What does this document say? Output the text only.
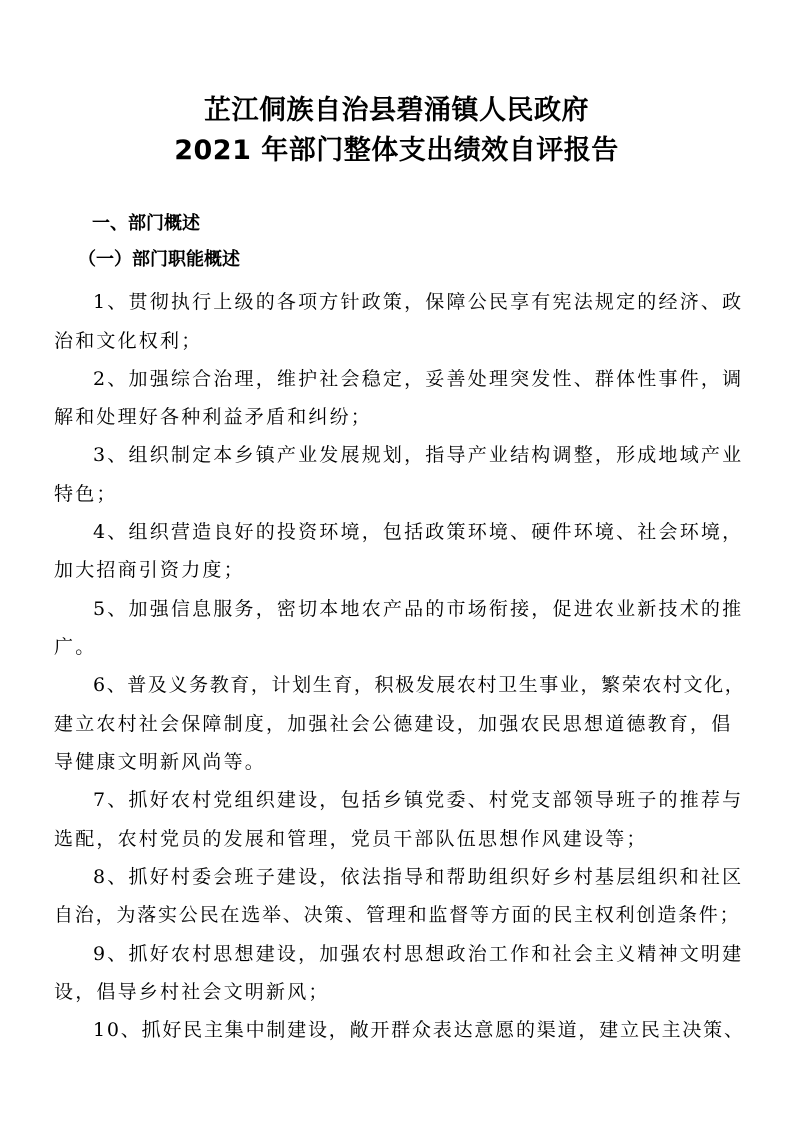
芷江侗族自治县碧涌镇人民政府
2021 年部门整体支出绩效自评报告
一、部门概述
（一）部门职能概述
1、贯彻执行上级的各项方针政策，保障公民享有宪法规定的经济、政
治和文化权利；
2、加强综合治理，维护社会稳定，妥善处理突发性、群体性事件，调
解和处理好各种利益矛盾和纠纷；
3、组织制定本乡镇产业发展规划，指导产业结构调整，形成地域产业
特色；
4、组织营造良好的投资环境，包括政策环境、硬件环境、社会环境，
加大招商引资力度；
5、加强信息服务，密切本地农产品的市场衔接，促进农业新技术的推
广。
6、普及义务教育，计划生育，积极发展农村卫生事业，繁荣农村文化，
建立农村社会保障制度，加强社会公德建设，加强农民思想道德教育，倡
导健康文明新风尚等。
7、抓好农村党组织建设，包括乡镇党委、村党支部领导班子的推荐与
选配，农村党员的发展和管理，党员干部队伍思想作风建设等；
8、抓好村委会班子建设，依法指导和帮助组织好乡村基层组织和社区
自治，为落实公民在选举、决策、管理和监督等方面的民主权利创造条件；
9、抓好农村思想建设，加强农村思想政治工作和社会主义精神文明建
设，倡导乡村社会文明新风；
10、抓好民主集中制建设，敞开群众表达意愿的渠道，建立民主决策、
